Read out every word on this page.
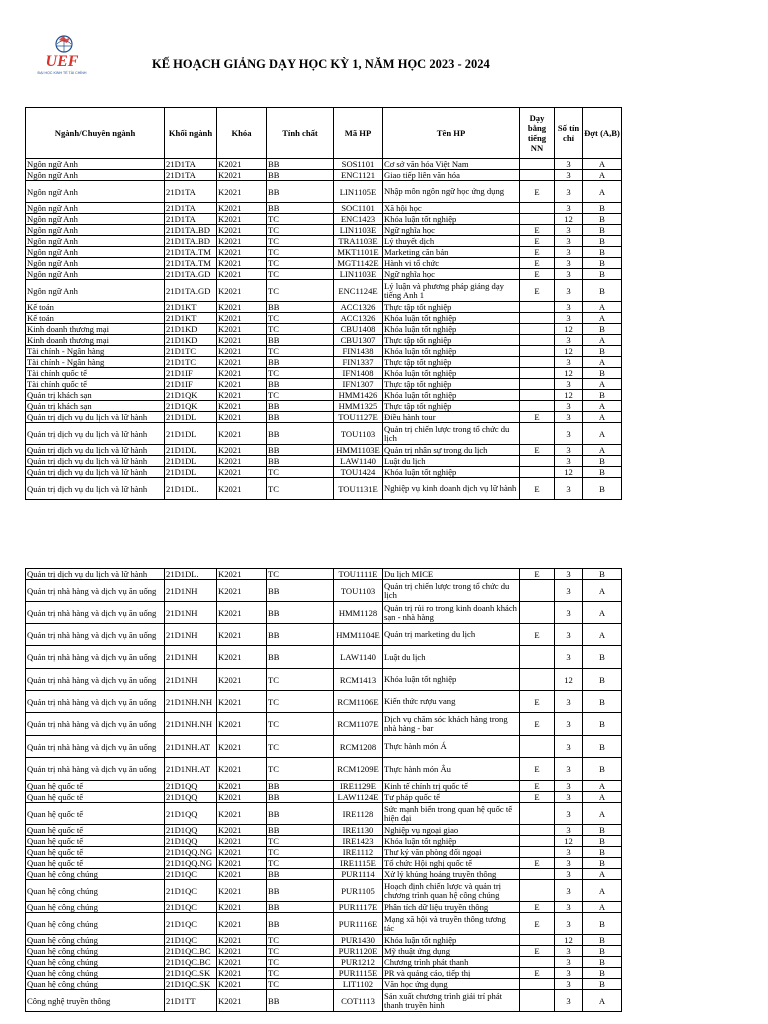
UEF
ĐẠI HỌC KINH TẾ TÀI CHÍNH
KẾ HOẠCH GIẢNG DẠY HỌC KỲ 1, NĂM HỌC 2023 - 2024
Ngành/Chuyên ngành	Khối ngành	Khóa	Tính chất	Mã HP	Tên HP	Dạy bằng tiếng NN	Số tín chỉ	Đợt (A,B)
Ngôn ngữ Anh	21D1TA	K2021	BB	SOS1101	Cơ sở văn hóa Việt Nam		3	A
Ngôn ngữ Anh	21D1TA	K2021	BB	ENC1121	Giao tiếp liên văn hóa		3	A
Ngôn ngữ Anh	21D1TA	K2021	BB	LIN1105E	Nhập môn ngôn ngữ học ứng dụng	E	3	A
Ngôn ngữ Anh	21D1TA	K2021	BB	SOC1101	Xã hội học		3	B
Ngôn ngữ Anh	21D1TA	K2021	TC	ENC1423	Khóa luận tốt nghiệp		12	B
Ngôn ngữ Anh	21D1TA.BD	K2021	TC	LIN1103E	Ngữ nghĩa học	E	3	B
Ngôn ngữ Anh	21D1TA.BD	K2021	TC	TRA1103E	Lý thuyết dịch	E	3	B
Ngôn ngữ Anh	21D1TA.TM	K2021	TC	MKT1101E	Marketing căn bản	E	3	B
Ngôn ngữ Anh	21D1TA.TM	K2021	TC	MGT1142E	Hành vi tổ chức	E	3	B
Ngôn ngữ Anh	21D1TA.GD	K2021	TC	LIN1103E	Ngữ nghĩa học	E	3	B
Ngôn ngữ Anh	21D1TA.GD	K2021	TC	ENC1124E	Lý luận và phương pháp giảng dạy tiếng Anh 1	E	3	B
Kế toán	21D1KT	K2021	BB	ACC1326	Thực tập tốt nghiệp		3	A
Kế toán	21D1KT	K2021	TC	ACC1326	Khóa luận tốt nghiệp		3	A
Kinh doanh thương mại	21D1KD	K2021	TC	CBU1408	Khóa luận tốt nghiệp		12	B
Kinh doanh thương mại	21D1KD	K2021	BB	CBU1307	Thực tập tốt nghiệp		3	A
Tài chính - Ngân hàng	21D1TC	K2021	TC	FIN1438	Khóa luận tốt nghiệp		12	B
Tài chính - Ngân hàng	21D1TC	K2021	BB	FIN1337	Thực tập tốt nghiệp		3	A
Tài chính quốc tế	21D1IF	K2021	TC	IFN1408	Khóa luận tốt nghiệp		12	B
Tài chính quốc tế	21D1IF	K2021	BB	IFN1307	Thực tập tốt nghiệp		3	A
Quản trị khách sạn	21D1QK	K2021	TC	HMM1426	Khóa luận tốt nghiệp		12	B
Quản trị khách sạn	21D1QK	K2021	BB	HMM1325	Thực tập tốt nghiệp		3	A
Quản trị dịch vụ du lịch và lữ hành	21D1DL	K2021	BB	TOU1127E	Điều hành tour	E	3	A
Quản trị dịch vụ du lịch và lữ hành	21D1DL	K2021	BB	TOU1103	Quản trị chiến lược trong tổ chức du lịch		3	A
Quản trị dịch vụ du lịch và lữ hành	21D1DL	K2021	BB	HMM1103E	Quản trị nhân sự trong du lịch	E	3	A
Quản trị dịch vụ du lịch và lữ hành	21D1DL	K2021	BB	LAW1140	Luật du lịch		3	B
Quản trị dịch vụ du lịch và lữ hành	21D1DL	K2021	TC	TOU1424	Khóa luận tốt nghiệp		12	B
Quản trị dịch vụ du lịch và lữ hành	21D1DL.	K2021	TC	TOU1131E	Nghiệp vụ kinh doanh dịch vụ lữ hành	E	3	B
Quản trị dịch vụ du lịch và lữ hành	21D1DL.	K2021	TC	TOU1111E	Du lịch MICE	E	3	B
Quản trị nhà hàng và dịch vụ ăn uống	21D1NH	K2021	BB	TOU1103	Quản trị chiến lược trong tổ chức du lịch		3	A
Quản trị nhà hàng và dịch vụ ăn uống	21D1NH	K2021	BB	HMM1128	Quản trị rủi ro trong kinh doanh khách sạn - nhà hàng		3	A
Quản trị nhà hàng và dịch vụ ăn uống	21D1NH	K2021	BB	HMM1104E	Quản trị marketing du lịch	E	3	A
Quản trị nhà hàng và dịch vụ ăn uống	21D1NH	K2021	BB	LAW1140	Luật du lịch		3	B
Quản trị nhà hàng và dịch vụ ăn uống	21D1NH	K2021	TC	RCM1413	Khóa luận tốt nghiệp		12	B
Quản trị nhà hàng và dịch vụ ăn uống	21D1NH.NH	K2021	TC	RCM1106E	Kiến thức rượu vang	E	3	B
Quản trị nhà hàng và dịch vụ ăn uống	21D1NH.NH	K2021	TC	RCM1107E	Dịch vụ chăm sóc khách hàng trong nhà hàng - bar	E	3	B
Quản trị nhà hàng và dịch vụ ăn uống	21D1NH.AT	K2021	TC	RCM1208	Thực hành món Á		3	B
Quản trị nhà hàng và dịch vụ ăn uống	21D1NH.AT	K2021	TC	RCM1209E	Thực hành món Âu	E	3	B
Quan hệ quốc tế	21D1QQ	K2021	BB	IRE1129E	Kinh tế chính trị quốc tế	E	3	A
Quan hệ quốc tế	21D1QQ	K2021	BB	LAW1124E	Tư pháp quốc tế	E	3	A
Quan hệ quốc tế	21D1QQ	K2021	BB	IRE1128	Sức mạnh biển trong quan hệ quốc tế hiện đại		3	A
Quan hệ quốc tế	21D1QQ	K2021	BB	IRE1130	Nghiệp vụ ngoại giao		3	B
Quan hệ quốc tế	21D1QQ	K2021	TC	IRE1423	Khóa luận tốt nghiệp		12	B
Quan hệ quốc tế	21D1QQ.NG	K2021	TC	IRE1112	Thư ký văn phòng đối ngoại		3	B
Quan hệ quốc tế	21D1QQ.NG	K2021	TC	IRE1115E	Tổ chức Hội nghị quốc tế	E	3	B
Quan hệ công chúng	21D1QC	K2021	BB	PUR1114	Xử lý khủng hoảng truyền thông		3	A
Quan hệ công chúng	21D1QC	K2021	BB	PUR1105	Hoạch định chiến lược và quản trị chương trình quan hệ công chúng		3	A
Quan hệ công chúng	21D1QC	K2021	BB	PUR1117E	Phân tích dữ liệu truyền thông	E	3	A
Quan hệ công chúng	21D1QC	K2021	BB	PUR1116E	Mạng xã hội và truyền thông tương tác	E	3	B
Quan hệ công chúng	21D1QC	K2021	TC	PUR1430	Khóa luận tốt nghiệp		12	B
Quan hệ công chúng	21D1QC.BC	K2021	TC	PUR1120E	Mỹ thuật ứng dụng	E	3	B
Quan hệ công chúng	21D1QC.BC	K2021	TC	PUR1212	Chương trình phát thanh		3	B
Quan hệ công chúng	21D1QC.SK	K2021	TC	PUR1115E	PR và quảng cáo, tiếp thị	E	3	B
Quan hệ công chúng	21D1QC.SK	K2021	TC	LIT1102	Văn học ứng dụng		3	B
Công nghệ truyền thông	21D1TT	K2021	BB	COT1113	Sản xuất chương trình giải trí phát thanh truyền hình		3	A
